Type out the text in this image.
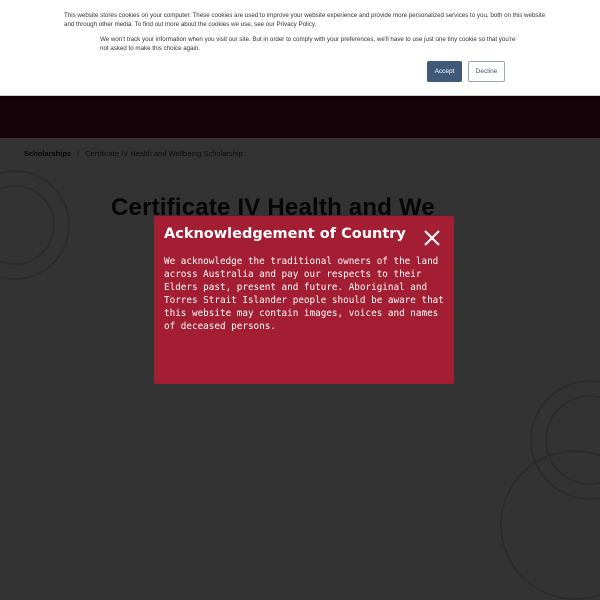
Acknowledgement of Country
We acknowledge the traditional owners of the land across Australia and pay our respects to their Elders past, present and future. Aboriginal and Torres Strait Islander people should be aware that this website may contain images, voices and names of deceased persons.

This website stores cookies on your computer. These cookies are used to improve your website experience and provide more personalized services to you, both on this website and through other media. To find out more about the cookies we use, see our Privacy Policy.

We won't track your information when you visit our site. But in order to comply with your preferences, we'll have to use just one tiny cookie so that you're not asked to make this choice again.

Accept	Decline
